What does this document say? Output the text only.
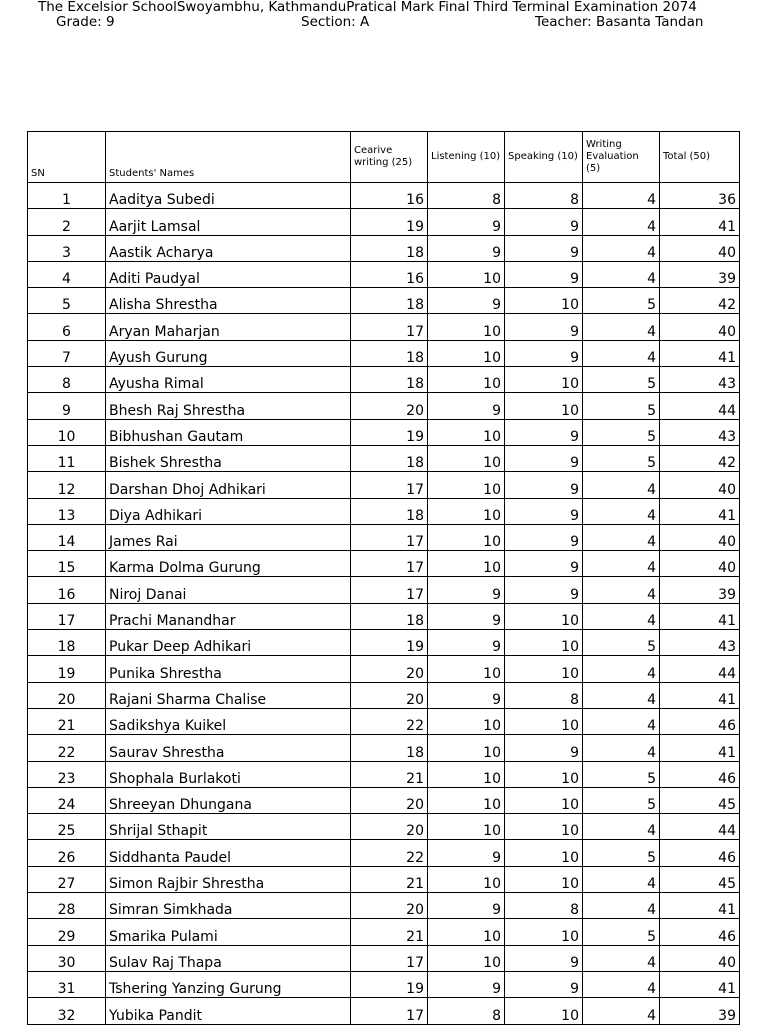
The Excelsior SchoolSwoyambhu, KathmanduPratical Mark Final Third Terminal Examination 2074
Grade: 9	Section: A	Teacher: Basanta Tandan
SN	Students' Names	Cearive writing (25)	Listening (10)	Speaking (10)	Writing Evaluation (5)	Total (50)
1	Aaditya Subedi	16	8	8	4	36
2	Aarjit Lamsal	19	9	9	4	41
3	Aastik Acharya	18	9	9	4	40
4	Aditi Paudyal	16	10	9	4	39
5	Alisha Shrestha	18	9	10	5	42
6	Aryan Maharjan	17	10	9	4	40
7	Ayush Gurung	18	10	9	4	41
8	Ayusha Rimal	18	10	10	5	43
9	Bhesh Raj Shrestha	20	9	10	5	44
10	Bibhushan Gautam	19	10	9	5	43
11	Bishek Shrestha	18	10	9	5	42
12	Darshan Dhoj Adhikari	17	10	9	4	40
13	Diya Adhikari	18	10	9	4	41
14	James Rai	17	10	9	4	40
15	Karma Dolma Gurung	17	10	9	4	40
16	Niroj Danai	17	9	9	4	39
17	Prachi Manandhar	18	9	10	4	41
18	Pukar Deep Adhikari	19	9	10	5	43
19	Punika Shrestha	20	10	10	4	44
20	Rajani Sharma Chalise	20	9	8	4	41
21	Sadikshya Kuikel	22	10	10	4	46
22	Saurav Shrestha	18	10	9	4	41
23	Shophala Burlakoti	21	10	10	5	46
24	Shreeyan Dhungana	20	10	10	5	45
25	Shrijal Sthapit	20	10	10	4	44
26	Siddhanta Paudel	22	9	10	5	46
27	Simon Rajbir Shrestha	21	10	10	4	45
28	Simran Simkhada	20	9	8	4	41
29	Smarika Pulami	21	10	10	5	46
30	Sulav Raj Thapa	17	10	9	4	40
31	Tshering Yanzing Gurung	19	9	9	4	41
32	Yubika Pandit	17	8	10	4	39
